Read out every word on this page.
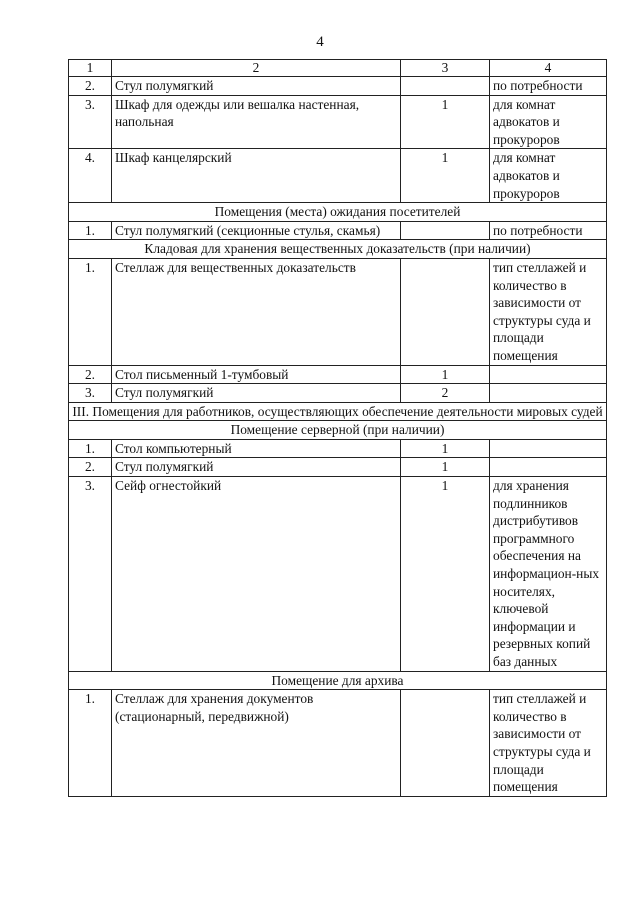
4
1	2	3	4
2.	Стул полумягкий		по потребности
3.	Шкаф для одежды или вешалка настенная, напольная	1	для комнат адвокатов и прокуроров
4.	Шкаф канцелярский	1	для комнат адвокатов и прокуроров
Помещения (места) ожидания посетителей			
1.	Стул полумягкий (секционные стулья, скамья)		по потребности
Кладовая для хранения вещественных доказательств (при наличии)			
1.	Стеллаж для вещественных доказательств		тип стеллажей и количество в зависимости от структуры суда и площади помещения
2.	Стол письменный 1-тумбовый	1	
3.	Стул полумягкий	2	
III. Помещения для работников, осуществляющих обеспечение деятельности мировых судей			
Помещение серверной (при наличии)			
1.	Стол компьютерный	1	
2.	Стул полумягкий	1	
3.	Сейф огнестойкий	1	для хранения подлинников дистрибутивов программного обеспечения на информацион-ных носителях, ключевой информации и резервных копий баз данных
Помещение для архива			
1.	Стеллаж для хранения документов (стационарный, передвижной)		тип стеллажей и количество в зависимости от структуры суда и площади помещения
